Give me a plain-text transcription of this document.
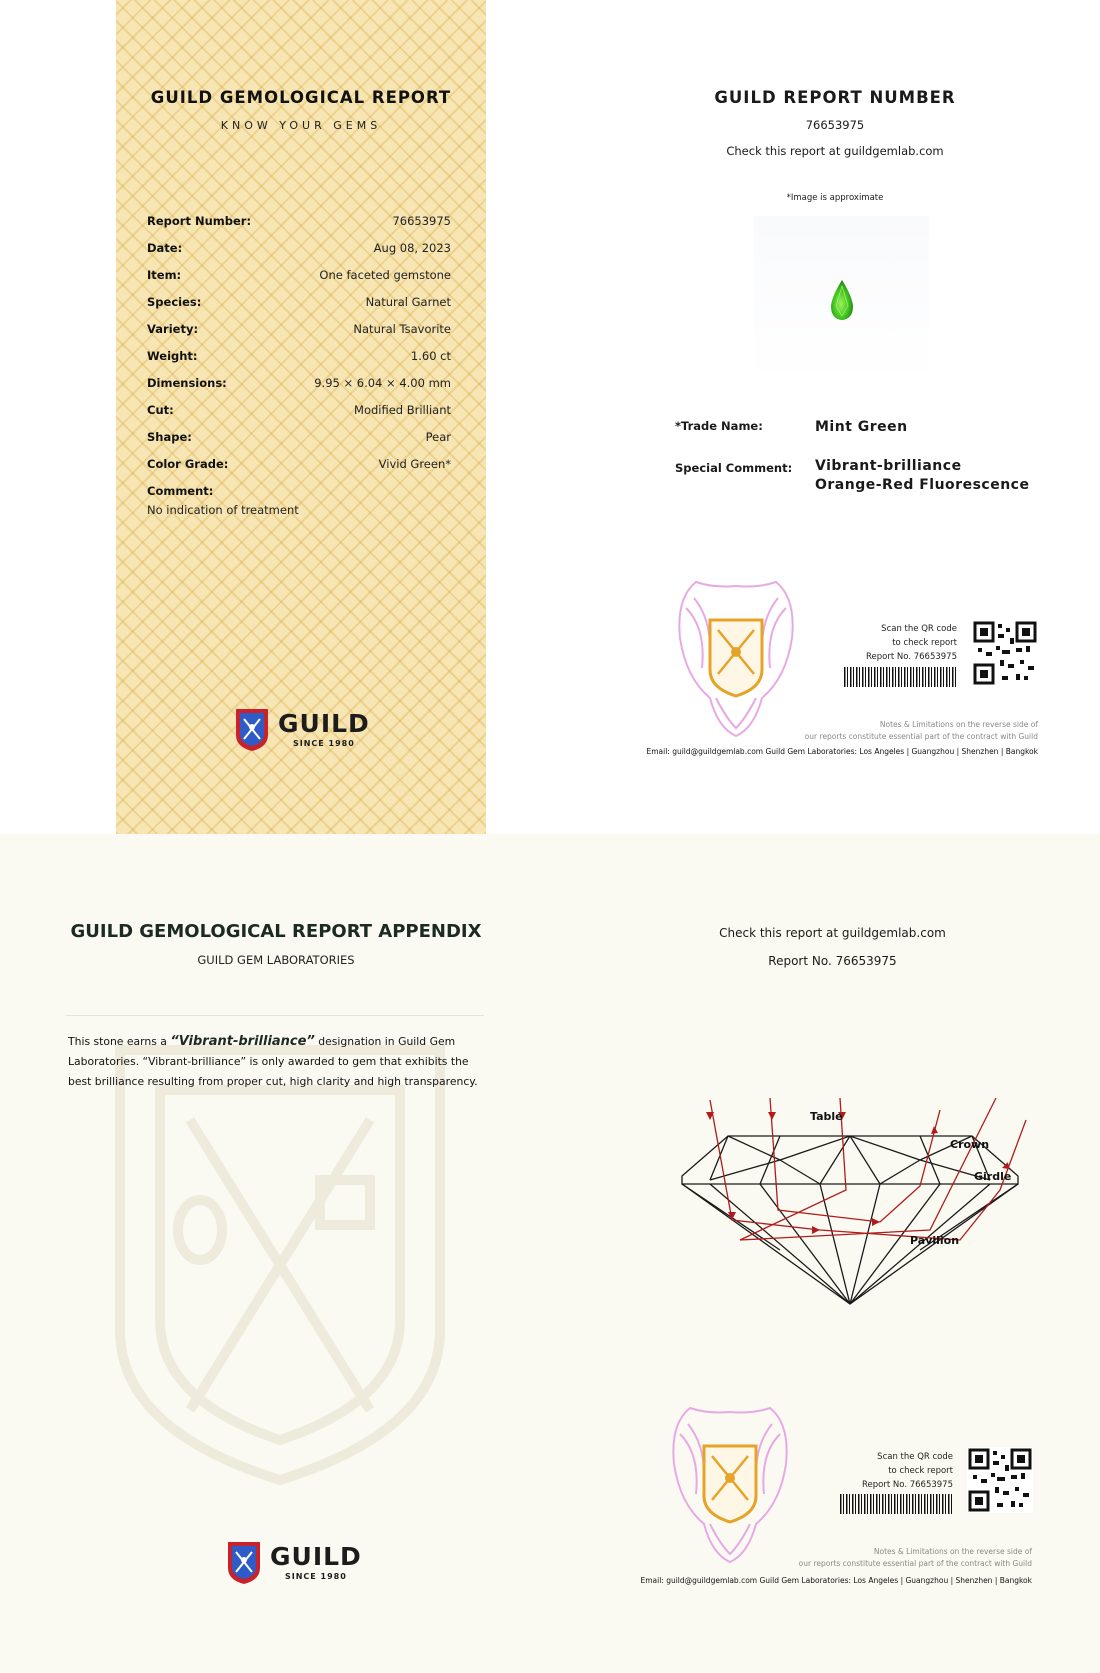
GUILD GEMOLOGICAL REPORT
KNOW YOUR GEMS
Report Number:	76653975
Date:	Aug 08, 2023
Item:	One faceted gemstone
Species:	Natural Garnet
Variety:	Natural Tsavorite
Weight:	1.60 ct
Dimensions:	9.95 × 6.04 × 4.00 mm
Cut:	Modified Brilliant
Shape:	Pear
Color Grade:	Vivid Green*
Comment:
No indication of treatment
GUILD
SINCE 1980
GUILD REPORT NUMBER
76653975
Check this report at guildgemlab.com
*Image is approximate
*Trade Name:	Mint Green
Special Comment: Vibrant-brilliance
Orange-Red Fluorescence
Scan the QR code
to check report
Report No. 76653975
Notes & Limitations on the reverse side of
our reports constitute essential part of the contract with Guild
Email: guild@guildgemlab.com Guild Gem Laboratories: Los Angeles | Guangzhou | Shenzhen | Bangkok
GUILD GEMOLOGICAL REPORT APPENDIX
GUILD GEM LABORATORIES
This stone earns a “Vibrant-brilliance” designation in Guild Gem Laboratories. “Vibrant-brilliance” is only awarded to gem that exhibits the best brilliance resulting from proper cut, high clarity and high transparency.
GUILD
SINCE 1980
Check this report at guildgemlab.com
Report No. 76653975
Table
Crown
Girdle
Pavilion
Scan the QR code
to check report
Report No. 76653975
Notes & Limitations on the reverse side of
our reports constitute essential part of the contract with Guild
Email: guild@guildgemlab.com Guild Gem Laboratories: Los Angeles | Guangzhou | Shenzhen | Bangkok
